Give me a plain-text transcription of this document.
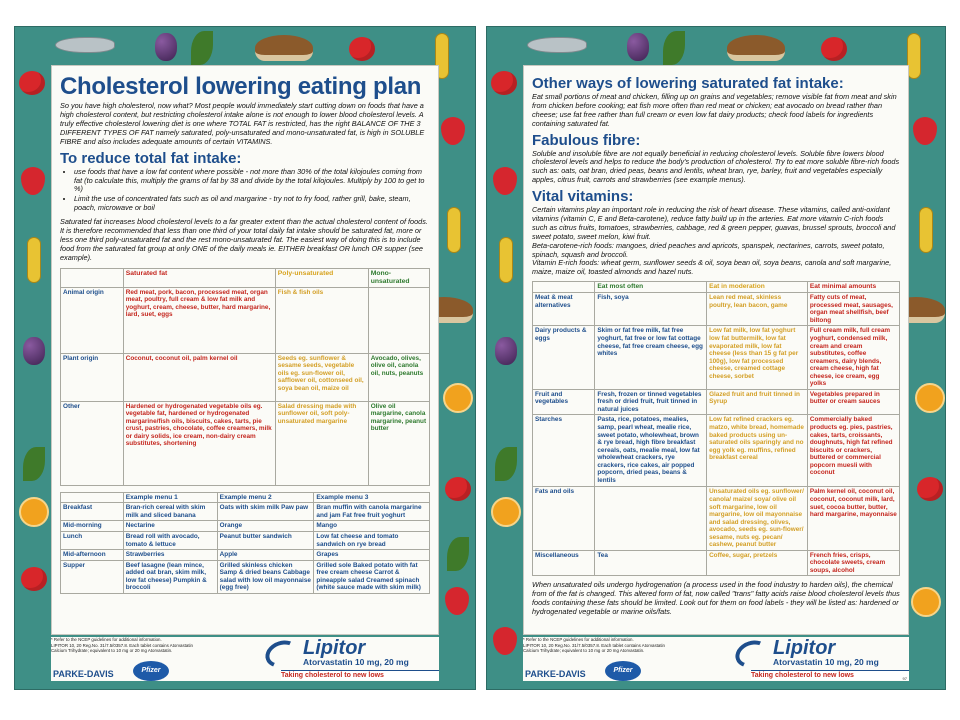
Cholesterol lowering eating plan

So you have high cholesterol, now what? Most people would immediately start cutting down on foods that have a high cholesterol content, but restricting cholesterol intake alone is not enough to lower blood cholesterol levels. A truly effective cholesterol lowering diet is one where TOTAL FAT is restricted, has the right BALANCE OF THE 3 DIFFERENT TYPES OF FAT namely saturated, poly-unsaturated and mono-unsaturated fat, is high in SOLUBLE FIBRE and also includes adequate amounts of certain VITAMINS.

To reduce total fat intake:
• use foods that have a low fat content where possible - not more than 30% of the total kilojoules coming from fat (to calculate this, multiply the grams of fat by 38 and divide by the total kilojoules. Multiply by 100 to get to %)
• Limit the use of concentrated fats such as oil and margarine - try not to fry food, rather grill, bake, steam, poach, microwave or boil

Saturated fat increases blood cholesterol levels to a far greater extent than the actual cholesterol content of foods. It is therefore recommended that less than one third of your total daily fat intake should be saturated fat, more or less one third poly-unsaturated fat and the rest mono-unsaturated fat. The easiest way of doing this is to include food from the saturated fat group at only ONE of the daily meals ie. EITHER breakfast OR lunch OR supper (see example).

	Saturated fat	Poly-unsaturated	Mono-unsaturated
Animal origin	Red meat, pork, bacon, processed meat, organ meat, poultry, full cream & low fat milk and yoghurt, cream, cheese, butter, hard margarine, lard, suet, eggs	Fish & fish oils	
Plant origin	Coconut, coconut oil, palm kernel oil	Seeds eg. sunflower & sesame seeds, vegetable oils eg. sun-flower oil, safflower oil, cottonseed oil, soya bean oil, maize oil	Avocado, olives, olive oil, canola oil, nuts, peanuts
Other	Hardened or hydrogenated vegetable oils eg. vegetable fat, hardened or hydrogenated margarine/fish oils, biscuits, cakes, tarts, pie crust, pastries, chocolate, coffee creamers, milk or dairy solids, ice cream, non-dairy cream substitutes, shortening	Salad dressing made with sunflower oil, soft poly-unsaturated margarine	Olive oil margarine, canola margarine, peanut butter
	Example menu 1	Example menu 2	Example menu 3
Breakfast	Bran-rich cereal with skim milk and sliced banana	Oats with skim milk Paw paw	Bran muffin with canola margarine and jam Fat free fruit yoghurt
Mid-morning	Nectarine	Orange	Mango
Lunch	Bread roll with avocado, tomato & lettuce	Peanut butter sandwich	Low fat cheese and tomato sandwich on rye bread
Mid-afternoon	Strawberries	Apple	Grapes
Supper	Beef lasagne (lean mince, added oat bran, skim milk, low fat cheese) Pumpkin & broccoli	Grilled skinless chicken Samp & dried beans Cabbage salad with low oil mayonnaise (egg free)	Grilled sole Baked potato with fat free cream cheese Carrot & pineapple salad Creamed spinach (white sauce made with skim milk)
* Refer to the NCEP guidelines for additional information.
LIPITOR 10, 20 Reg.No. 31/7.5/0357.8. Each tablet contains Atorvastatin
Calcium Trihydrate; equivalent to 10 mg or 20 mg Atorvastatin.
PARKE-DAVIS	Pfizer
Lipitor
Atorvastatin 10 mg, 20 mg
Taking cholesterol to new lows
Other ways of lowering saturated fat intake:

Eat small portions of meat and chicken, filling up on grains and vegetables; remove visible fat from meat and skin from chicken before cooking; eat fish more often than red meat or chicken; eat avocado on bread rather than cheese; use fat free rather than full cream or even low fat dairy products; check food labels for ingredients containing saturated fat.

Fabulous fibre:

Soluble and insoluble fibre are not equally beneficial in reducing cholesterol levels. Soluble fibre lowers blood cholesterol levels and helps to reduce the body's production of cholesterol. Try to eat more soluble fibre-rich foods such as: oats, oat bran, dried peas, beans and lentils, wheat bran, rye, barley, fruit and vegetables especially apples, citrus fruit, carrots and strawberries (see example menus).

Vital vitamins:

Certain vitamins play an important role in reducing the risk of heart disease. These vitamins, called anti-oxidant vitamins (vitamin C, E and Beta-carotene), reduce fatty build up in the arteries. Eat more vitamin C-rich foods such as citrus fruits, tomatoes, strawberries, cabbage, red & green pepper, guavas, brussel sprouts, broccoli and sweet potato, sweet melon, kiwi fruit.

Beta-carotene-rich foods: mangoes, dried peaches and apricots, spanspek, nectarines, carrots, sweet potato, spinach, squash and broccoli.

Vitamin E-rich foods: wheat germ, sunflower seeds & oil, soya bean oil, soya beans, canola and soft margarine, maize, maize oil, toasted almonds and hazel nuts.

	Eat most often	Eat in moderation	Eat minimal amounts
Meat & meat alternatives	Fish, soya	Lean red meat, skinless poultry, lean bacon, game	Fatty cuts of meat, processed meat, sausages, organ meat shellfish, beef biltong
Dairy products & eggs	Skim or fat free milk, fat free yoghurt, fat free or low fat cottage cheese, fat free cream cheese, egg whites	Low fat milk, low fat yoghurt low fat buttermilk, low fat evaporated milk, low fat cheese (less than 15 g fat per 100g), low fat processed cheese, creamed cottage cheese, sorbet	Full cream milk, full cream yoghurt, condensed milk, cream and cream substitutes, coffee creamers, dairy blends, cream cheese, high fat cheese, ice cream, egg yolks
Fruit and vegetables	Fresh, frozen or tinned vegetables fresh or dried fruit, fruit tinned in natural juices	Glazed fruit and fruit tinned in Syrup	Vegetables prepared in butter or cream sauces
Starches	Pasta, rice, potatoes, mealies, samp, pearl wheat, mealie rice, sweet potato, wholewheat, brown & rye bread, high fibre breakfast cereals, oats, mealie meal, low fat wholewheat crackers, rye crackers, rice cakes, air popped popcorn, dried peas, beans & lentils	Low fat refined crackers eg. matzo, white bread, homemade baked products using un-saturated oils sparingly and no egg yolk eg. muffins, refined breakfast cereal	Commercially baked products eg. pies, pastries, cakes, tarts, croissants, doughnuts, high fat refined biscuits or crackers, buttered or commercial popcorn muesli with coconut
Fats and oils		Unsaturated oils eg. sunflower/ canola/ maize/ soya/ olive oil soft margarine, low oil margarine, low oil mayonnaise and salad dressing, olives, avocado, seeds eg. sun-flower/ sesame, nuts eg. pecan/ cashew, peanut butter	Palm kernel oil, coconut oil, coconut, coconut milk, lard, suet, cocoa butter, butter, hard margarine, mayonnaise
Miscellaneous	Tea	Coffee, sugar, pretzels	French fries, crisps, chocolate sweets, cream soups, alcohol

When unsaturated oils undergo hydrogenation (a process used in the food industry to harden oils), the chemical from of the fat is changed. This altered form of fat, now called "trans" fatty acids raise blood cholesterol levels thus foods containing these fats should be limited. Look out for them on food labels - they will be listed as: hardened or hydrogenated vegetable or marine oils/fats.

* Refer to the NCEP guidelines for additional information.
LIPITOR 10, 20 Reg.No. 31/7.5/0357.8. Each tablet contains Atorvastatin
Calcium Trihydrate; equivalent to 10 mg or 20 mg Atorvastatin.
PARKE-DAVIS	Pfizer
Lipitor
Atorvastatin 10 mg, 20 mg
Taking cholesterol to new lows	97
